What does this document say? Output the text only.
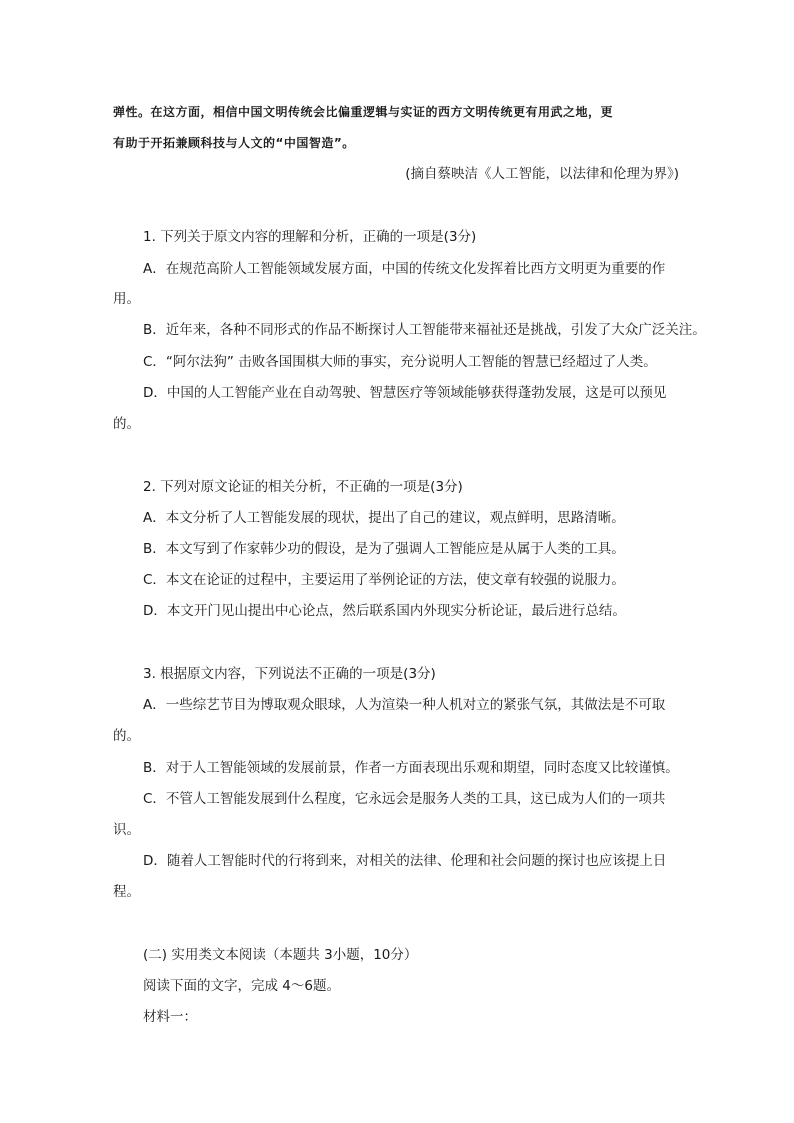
弹性。在这方面，相信中国文明传统会比偏重逻辑与实证的西方文明传统更有用武之地，更
有助于开拓兼顾科技与人文的“中国智造”。
(摘自蔡映洁《人工智能，以法律和伦理为界》)
1. 下列关于原文内容的理解和分析，正确的一项是(3分)
A．在规范高阶人工智能领域发展方面，中国的传统文化发挥着比西方文明更为重要的作
用。
B．近年来，各种不同形式的作品不断探讨人工智能带来福祉还是挑战，引发了大众广泛关注。
C．“阿尔法狗” 击败各国围棋大师的事实，充分说明人工智能的智慧已经超过了人类。
D．中国的人工智能产业在自动驾驶、智慧医疗等领域能够获得蓬勃发展，这是可以预见
的。
2. 下列对原文论证的相关分析，不正确的一项是(3分)
A．本文分析了人工智能发展的现状，提出了自己的建议，观点鲜明，思路清晰。
B．本文写到了作家韩少功的假设，是为了强调人工智能应是从属于人类的工具。
C．本文在论证的过程中，主要运用了举例论证的方法，使文章有较强的说服力。
D．本文开门见山提出中心论点，然后联系国内外现实分析论证，最后进行总结。
3. 根据原文内容，下列说法不正确的一项是(3分)
A．一些综艺节目为博取观众眼球，人为渲染一种人机对立的紧张气氛，其做法是不可取
的。
B．对于人工智能领域的发展前景，作者一方面表现出乐观和期望，同时态度又比较谨慎。
C．不管人工智能发展到什么程度，它永远会是服务人类的工具，这已成为人们的一项共
识。
D．随着人工智能时代的行将到来，对相关的法律、伦理和社会问题的探讨也应该提上日
程。
(二) 实用类文本阅读（本题共 3小题，10分）
阅读下面的文字，完成 4～6题。
材料一：
